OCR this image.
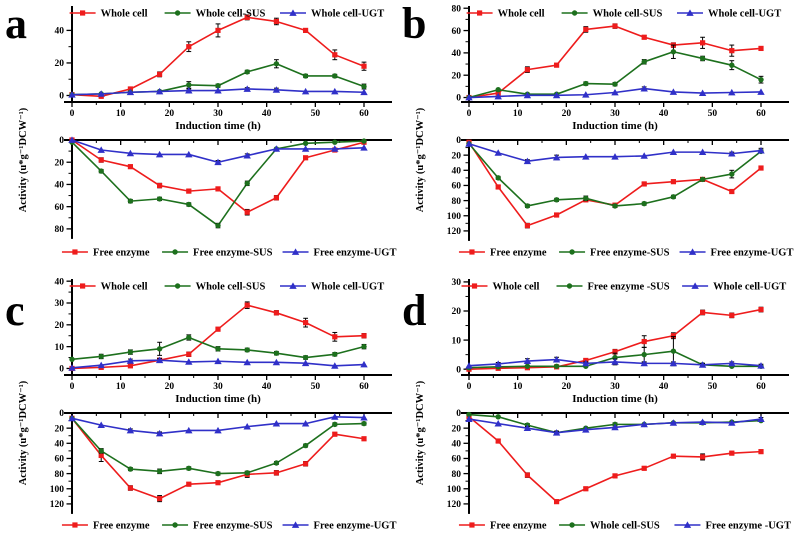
a
0	10	20	30	40	50	60
0
20
40
Induction time (h)
0
20
40
60
80
Activity (u*g⁻¹DCW⁻¹)
Whole cell	Whole cell-SUS	Whole cell-UGT
Free enzyme	Free enzyme-SUS	Free enzyme-UGT
b
0	10	20	30	40	50	60
0
20
40
60
80
Induction time (h)
0
20
40
60
80
100
120
Activity (u*g⁻¹DCW⁻¹)
Whole cell	Whole cell-SUS	Whole cell-UGT
Free enzyme	Free enzyme-SUS	Free enzyme-UGT
c
0	10	20	30	40	50	60
0
10
20
30
40
Induction time (h)
0
20
40
60
80
100
120
Activity (u*g⁻¹DCW⁻¹)
Whole cell	Whole cell-SUS	Whole cell-UGT
Free enzyme	Free enzyme-SUS	Free enzyme-UGT
d
0	10	20	30	40	50	60
0
10
20
30
Induction time (h)
0
20
40
60
80
100
120
Activity (u*g⁻¹DCW⁻¹)
Whole cell	Free enzyme -SUS	Whole cell-UGT
Free enzyme	Whole cell-SUS	Free enzyme -UGT
